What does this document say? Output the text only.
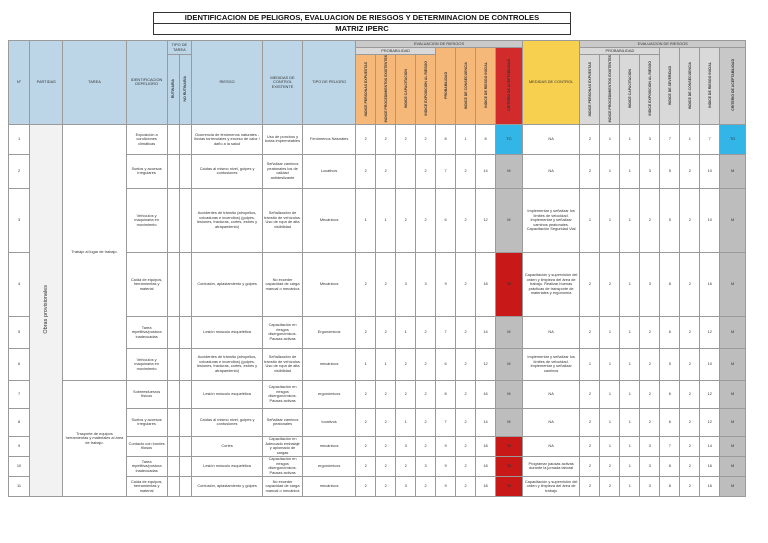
IDENTIFICACION DE PELIGROS, EVALUACION DE RIESGOS Y DETERMINACION DE CONTROLES
MATRIZ IPERC
N°	PARTIDAS	TAREA	IDENTIFICACION DEPELIGRO	TIPO DE TAREA		RIESGO	MEDIDAS DE CONTROL EXISTENTE	TIPO DE PELIGRO	EVALUACION DE RIESGOS								MEDIDAS DE CONTROL	EVALUACION DE RIESGOS							
									PROBABILIDAD				PROBABILIDAD	INDICE DE CONSECUENCIA	INDICE DE RIESGO INICIAL	CRITERIO DE ACEPTABILIDAD		PROBABILIDAD				INDICE DE SEVERIDAD	INDICE DE CONSECUENCIA	INDICE DE RIESGO INICIAL	CRITERIO DE ACEPTABILIDAD
				RUTINARIA	NO RUTINARIA				INDICE PERSONAS EXPUESTAS	INDICE PROCEDIMIENTOS EXISTENTES	INDICE CAPACITACION	INDICE EXPOSICION AL RIESGO						INDICE PERSONAS EXPUESTAS	INDICE PROCEDIMIENTOS EXISTENTES	INDICE CAPACITACION	INDICE EXPOSICION AL RIESGO				
1	Obras provisionales	Trabajo al lugar de trabajo.	Exposición a condiciones climáticas			Ocurrencia de fenómenos naturales - lluvias torrenciales y exceso de calor / daño a la salud	Uso de ponchos y botas impermeables	Fenómenos Naturales	2	2	2	2	8	1	8	TO	NA	2	1	1	3	7	1	7	TO
2			Suelos y accesos irregulares			Caídas al mismo nivel, golpes y contusiones	Señalizar caminos peatonales los de calidad antideslizante	Locativos	2	2		2	7	2	14	M	NA	2	1	1	3	5	2	10	M
3			Vehículos y maquinaria en movimiento			Accidentes de tránsito (atropellos, volcaduras e incendios) (golpes, lesiones, fracturas, cortes, estrés y atrapamiento)	Señalización de tránsito de vehículos. Uso de ropa de alta visibilidad	Mecánicos	1	1	2	2	6	2	12	M	Implementar y señalizar los límites de velocidad. Implementar y señalizar caminos peatonales. Capacitación Seguridad Vial	1	1	1	2	5	2	10	M
4			Caída de equipos, herramientas y material			Contusión, aplastamiento y golpes	No exceder capacidad de carga manual o mecánica	Mecánicos	2	2	3	3	9	2	18	IM	Capacitación y supervisión del orden y limpieza del área de trabajo. Realizar buenas prácticas de transporte de materiales y ergonomía	2	2	1	3	8	2	16	M
5			Tarea repetitiva/postura inadecuadas			Lesión músculo esquelética	Capacitación en riesgos disergonómicos. Pausas activas	Ergonómicos	2	2	1	2	7	2	14	M	NA	2	1	1	2	6	2	12	M
6			Vehículos y maquinaria en movimiento			Accidentes de tránsito (atropellos, volcaduras e incendios) (golpes, lesiones, fracturas, cortes, estrés y atrapamiento)	Señalización de tránsito de vehículos. Uso de ropa de alta visibilidad	mecánicos	1	1	2	2	6	2	12	M	Implementar y señalizar los límites de velocidad. Implementar y señalizar caminos	1	1	1	2	5	2	10	M
7		Trasporte de equipos herramientas y materiales al área de trabajo.	Sobreesfuerzos físicos			Lesión músculo esquelética	Capacitación en riesgos disergonómicos. Pausas activas	ergonómicos	2	2	2	2	8	2	16	M	NA	2	1	1	2	6	2	12	M
8			Suelos y accesos irregulares			Caídas al mismo nivel, golpes y contusiones	Señalizar caminos peatonales	locativos	2	2	1	2	7	2	14	M	NA	2	1	1	2	6	2	12	M
9			Contacto con bordes filosos			Cortes	Capacitación en Adecuado embalaje y aplomado de cargas	mecánicos	2	2	3	2	9	2	18	IM	NA	2	1	1	3	7	2	14	M
10			Tarea repetitiva/postura inadecuadas			Lesión músculo esquelética	Capacitación en riesgos disergonómicos. Pausas activas	ergonómicos	2	2	2	3	9	2	18	IM	Programar pausas activas durante la jornada laboral	2	2	1	3	8	2	16	M
11			Caída de equipos, herramientas y material			Contusión, aplastamiento y golpes	No exceder capacidad de carga manual o mecánica	mecánicos	2	2	3	2	9	2	18	IM	Capacitación y supervisión del orden y limpieza del área de trabajo	2	2	1	3	8	2	16	M
